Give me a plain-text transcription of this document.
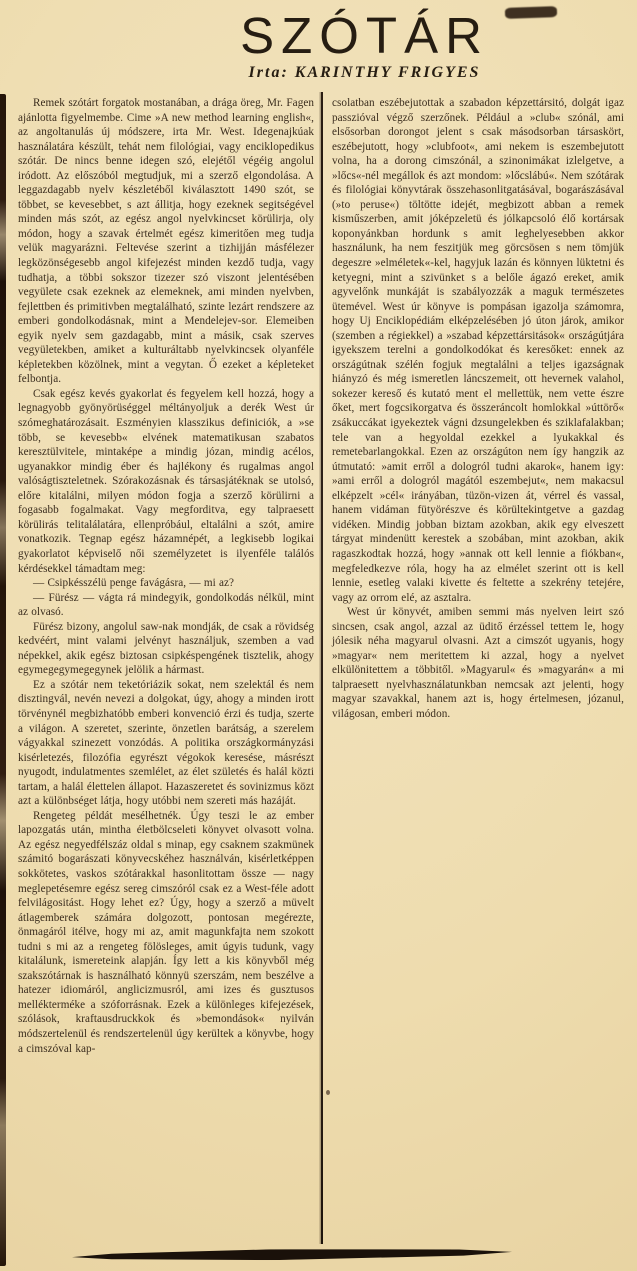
SZÓTÁR

Irta: KARINTHY FRIGYES

Remek szótárt forgatok mostanában, a drága öreg, Mr. Fagen ajánlotta figyelmembe. Cime »A new method learning english«, az angoltanulás új módszere, irta Mr. West. Idegenajkúak használatára készült, tehát nem filológiai, vagy enciklopedikus szótár. De nincs benne idegen szó, elejétől végéig angolul iródott. Az előszóból megtudjuk, mi a szerző elgondolása. A leggazdagabb nyelv készletéből kiválasztott 1490 szót, se többet, se kevesebbet, s azt állitja, hogy ezeknek segitségével minden más szót, az egész angol nyelvkincset körülirja, oly módon, hogy a szavak értelmét egész kimeritően meg tudja velük magyarázni. Feltevése szerint a tizhijján másfélezer legközönségesebb angol kifejezést minden kezdő tudja, vagy tudhatja, a többi sokszor tizezer szó viszont jelentésében vegyülete csak ezeknek az elemeknek, ami minden nyelvben, fejlettben és primitivben megtalálható, szinte lezárt rendszere az emberi gondolkodásnak, mint a Mendelejev-sor. Elemeiben egyik nyelv sem gazdagabb, mint a másik, csak szerves vegyületekben, amiket a kulturáltabb nyelvkincsek olyanféle képletekben közölnek, mint a vegytan. Ő ezeket a képleteket felbontja.

Csak egész kevés gyakorlat és fegyelem kell hozzá, hogy a legnagyobb gyönyörüséggel méltányoljuk a derék West úr szómeghatározásait. Eszményien klasszikus definiciók, a »se több, se kevesebb« elvének matematikusan szabatos keresztülvitele, mintaképe a mindig józan, mindig acélos, ugyanakkor mindig éber és hajlékony és rugalmas angol valóságtiszteletnek. Szórakozásnak és társasjátéknak se utolsó, előre kitalálni, milyen módon fogja a szerző körülirni a fogasabb fogalmakat. Vagy megforditva, egy talpraesett körülirás telitalálatára, ellenpróbául, eltalálni a szót, amire vonatkozik. Tegnap egész házamnépét, a legkisebb logikai gyakorlatot képviselő női személyzetet is ilyenféle találós kérdésekkel támadtam meg:

— Csipkésszélü penge favágásra, — mi az?

— Fürész — vágta rá mindegyik, gondolkodás nélkül, mint az olvasó.

Fürész bizony, angolul saw-nak mondják, de csak a rövidség kedvéért, mint valami jelvényt használjuk, szemben a vad népekkel, akik egész biztosan csipkéspengének tisztelik, ahogy egymegegymegegynek jelölik a hármast.

Ez a szótár nem teketóriázik sokat, nem szelektál és nem disztingvál, nevén nevezi a dolgokat, úgy, ahogy a minden irott törvénynél megbizhatóbb emberi konvenció érzi és tudja, szerte a világon. A szeretet, szerinte, önzetlen barátság, a szerelem vágyakkal szinezett vonzódás. A politika országkormányzási kisérletezés, filozófia egyrészt végokok keresése, másrészt nyugodt, indulatmentes szemlélet, az élet születés és halál közti tartam, a halál élettelen állapot. Hazaszeretet és sovinizmus közt azt a különbséget látja, hogy utóbbi nem szereti más hazáját.

Rengeteg példát mesélhetnék. Úgy teszi le az ember lapozgatás után, mintha életbölcseleti könyvet olvasott volna. Az egész negyedfélszáz oldal s minap, egy csaknem szakmünek számitó bogarászati könyvecskéhez használván, kisérletképpen sokkötetes, vaskos szótárakkal hasonlitottam össze — nagy meglepetésemre egész sereg cimszóról csak ez a West-féle adott felvilágositást. Hogy lehet ez? Úgy, hogy a szerző a müvelt átlagemberek számára dolgozott, pontosan megérezte, önmagáról itélve, hogy mi az, amit magunkfajta nem szokott tudni s mi az a rengeteg fölösleges, amit úgyis tudunk, vagy kitalálunk, ismereteink alapján. Így lett a kis könyvből még szakszótárnak is használható könnyü szerszám, nem beszélve a hatezer idiomáról, anglicizmusról, ami izes és gusztusos mellékterméke a szóforrásnak. Ezek a különleges kifejezések, szólások, kraftausdruckkok és »bemondások« nyilván módszertelenül és rendszertelenül úgy kerültek a könyvbe, hogy a cimszóval kap-

csolatban eszébejutottak a szabadon képzettársitó, dolgát igaz passzióval végző szerzőnek. Például a »club« szónál, ami elsősorban dorongot jelent s csak másodsorban társaskört, eszébejutott, hogy »clubfoot«, ami nekem is eszembejutott volna, ha a dorong cimszónál, a szinonimákat izlelgetve, a »lőcs«-nél megállok és azt mondom: »lőcslábú«. Nem szótárak és filológiai könyvtárak összehasonlitgatásával, bogarászásával (»to peruse«) töltötte idejét, megbizott abban a remek kisműszerben, amit jóképzeletü és jólkapcsoló élő kortársak koponyánkban hordunk s amit leghelyesebben akkor használunk, ha nem feszitjük meg görcsösen s nem tömjük degeszre »elméletek«-kel, hagyjuk lazán és könnyen lüktetni és ketyegni, mint a szivünket s a belőle ágazó ereket, amik agyvelőnk munkáját is szabályozzák a maguk természetes ütemével. West úr könyve is pompásan igazolja számomra, hogy Uj Enciklopédiám elképzelésében jó úton járok, amikor (szemben a régiekkel) a »szabad képzettársitások« országútjára igyekszem terelni a gondolkodókat és keresőket: ennek az országútnak szélén fogjuk megtalálni a teljes igazságnak hiányzó és még ismeretlen láncszemeit, ott hevernek valahol, sokezer kereső és kutató ment el mellettük, nem vette észre őket, mert fogcsikorgatva és összeráncolt homlokkal »úttörő« zsákuccákat igyekeztek vágni dzsungelekben és sziklafalakban; tele van a hegyoldal ezekkel a lyukakkal és remetebarlangokkal. Ezen az országúton nem így hangzik az útmutató: »amit erről a dologról tudni akarok«, hanem igy: »ami erről a dologról magától eszembejut«, nem makacsul elképzelt »cél« irányában, tüzön-vizen át, vérrel és vassal, hanem vidáman fütyörészve és körültekintgetve a gazdag vidéken. Mindig jobban biztam azokban, akik egy elveszett tárgyat mindenütt kerestek a szobában, mint azokban, akik ragaszkodtak hozzá, hogy »annak ott kell lennie a fiókban«, megfeledkezve róla, hogy ha az elmélet szerint ott is kell lennie, esetleg valaki kivette és feltette a szekrény tetejére, vagy az orrom elé, az asztalra.

West úr könyvét, amiben semmi más nyelven leirt szó sincsen, csak angol, azzal az üditő érzéssel tettem le, hogy jólesik néha magyarul olvasni. Azt a cimszót ugyanis, hogy »magyar« nem meritettem ki azzal, hogy a nyelvet elkülönitettem a többitől. »Magyarul« és »magyarán« a mi talpraesett nyelvhasználatunkban nemcsak azt jelenti, hogy magyar szavakkal, hanem azt is, hogy értelmesen, józanul, világosan, emberi módon.
